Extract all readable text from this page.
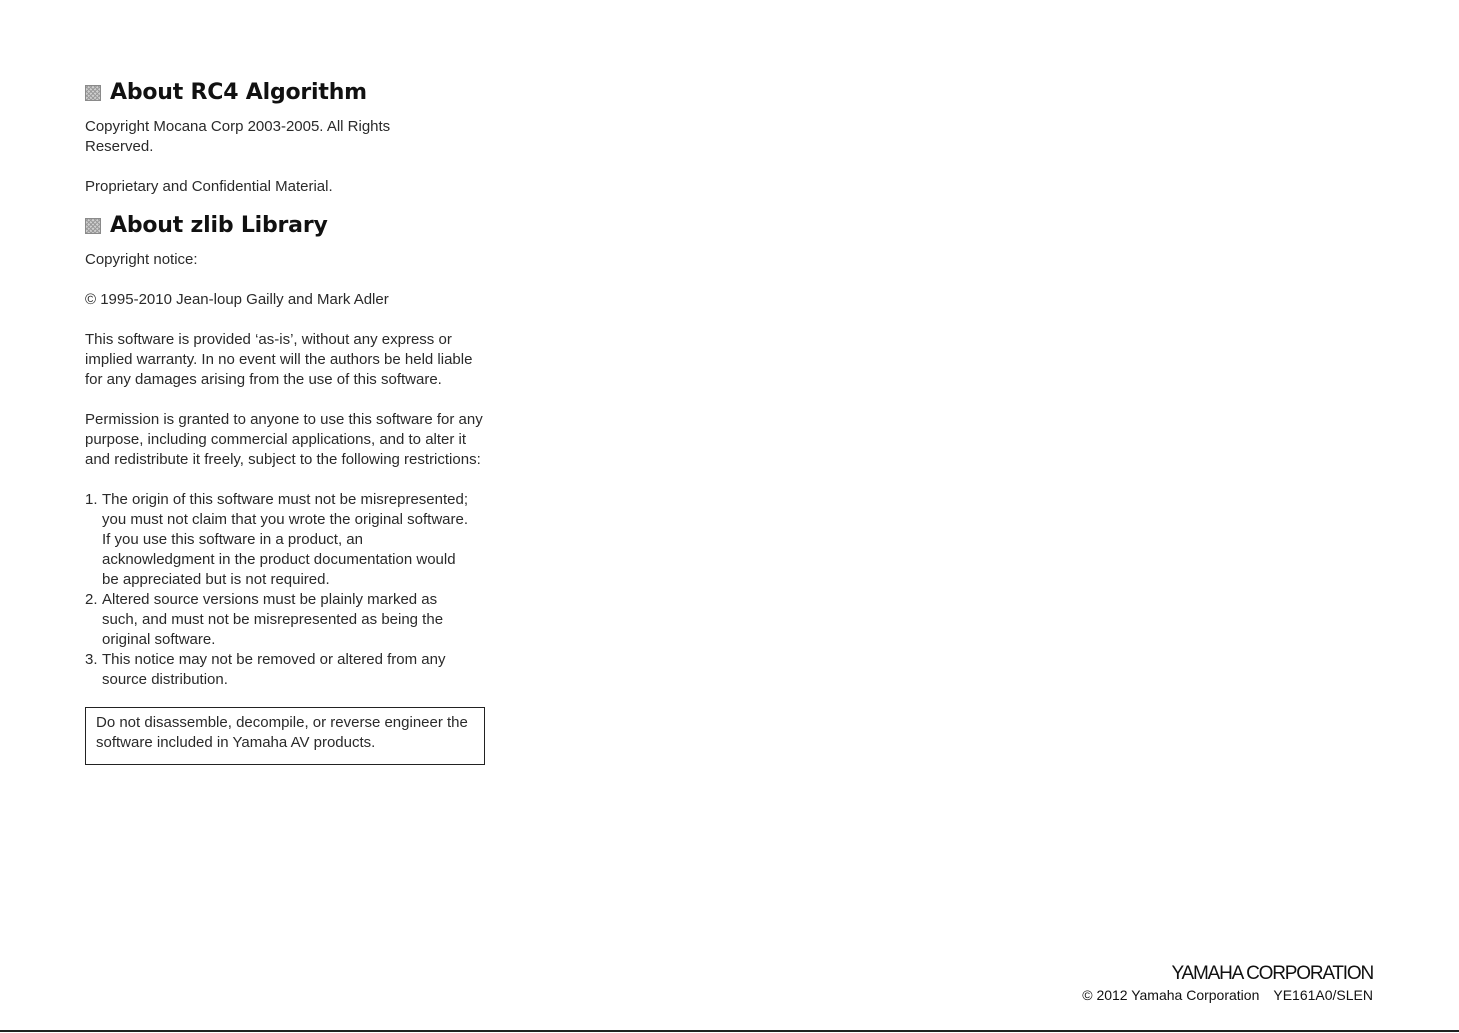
About RC4 Algorithm

Copyright Mocana Corp 2003-2005. All Rights Reserved.

Proprietary and Confidential Material.

About zlib Library

Copyright notice:

© 1995-2010 Jean-loup Gailly and Mark Adler

This software is provided ‘as-is’, without any express or implied warranty. In no event will the authors be held liable for any damages arising from the use of this software.

Permission is granted to anyone to use this software for any purpose, including commercial applications, and to alter it and redistribute it freely, subject to the following restrictions:

1. The origin of this software must not be misrepresented; you must not claim that you wrote the original software. If you use this software in a product, an acknowledgment in the product documentation would be appreciated but is not required.
2. Altered source versions must be plainly marked as such, and must not be misrepresented as being the original software.
3. This notice may not be removed or altered from any source distribution.

Do not disassemble, decompile, or reverse engineer the software included in Yamaha AV products.

YAMAHA CORPORATION
© 2012 Yamaha Corporation YE161A0/SLEN
